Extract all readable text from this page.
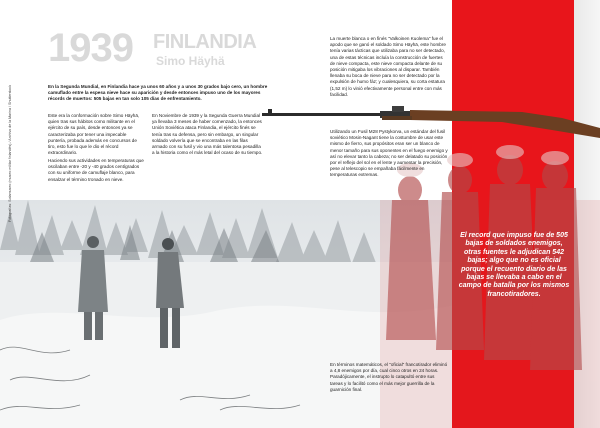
Fotografías: Sotamuseo (museo militar finlandés) / Archivo de la Marina / Shutterstock
1939 FINLANDIA
Simo Häyhä
En la Segunda Mundial, en Finlandia hace ya unos 60 años y a unos 30 grados bajo cero, un hombre camuflado entre la espesa nieve hace su aparición y desde entonces impuso uno de los mayores récords de muertos: 505 bajas en tan solo 105 días de enfrentamiento.
Este era la conformación sobre Simo Häyhä, quien tras sus hábitos como militante en el ejército de su país, desde entonces ya se caracterizaba por tener una impecable puntería, probada además en concursos de tiro, esto fue lo que le dio el récord extraordinario.
Haciendo sus actividades en temperaturas que oscilaban entre -20 y -40 grados centígrados con su uniforme de camuflaje blanco, para ensalzar el término tronado en nieve.
En Noviembre de 1939 y la Segunda Guerra Mundial ya llevaba 3 meses de haber comenzado, la entonces Unión Soviética ataca Finlandia, el ejército finés se tenía tras su defensa, pero sin embargo, un singular soldado volvería que se encontraba en las filas armado con su fusil y vio una más talentosa pesadilla a la historia como el más letal del ocaso de su tiempo.
La muerte blanca o en finés "Valkoinen Kuolema" fue el apodo que se ganó el soldado Simo Häyhä, este hombre tenía varias tácticas que utilizaba para no ser detectado, una de estas técnicas incluía la construcción de fuertes de nieve compacta, este nieve compacta delante de su posición mitigaba los vibraciones al disparar. También llenaba su boca de nieve para no ser detectado por la expulsión de humo fáz; y cualesquiera, su corta estatura (1,52 m) lo vinió efectivamente personal entre con más facilidad.
Utilizando un Fusil M28 Pystykorva, un estándar del fusil soviético Mosin-Nagant tiene la costumbre de usar este mismo de fierro, sus propósitos eran ser un blanco de menor tamaño para sus oponentes en el fuego enemigo y así no elevar tanto la cabeza; no ser delatado su posición por el reflejo del sol en el lente y aumentar la precisión, pese al telescopio se empañaba fácilmente en temperaturas extremas.
En términos matemáticos, el "oficial" francotirador eliminó a 4,8 enemigos por día, cual cinco otros en 24 horas. Paradójicamente, el instrupto lo catapultó entre sus tareas y lo facilitó como el más mejor guerrilla de la guarnición final.
El record que impuso fue de 505 bajas de soldados enemigos, otras fuentes le adjudican 542 bajas; algo que no es oficial porque el recuento diario de las bajas se llevaba a cabo en el campo de batalla por los mismos francotiradores.
